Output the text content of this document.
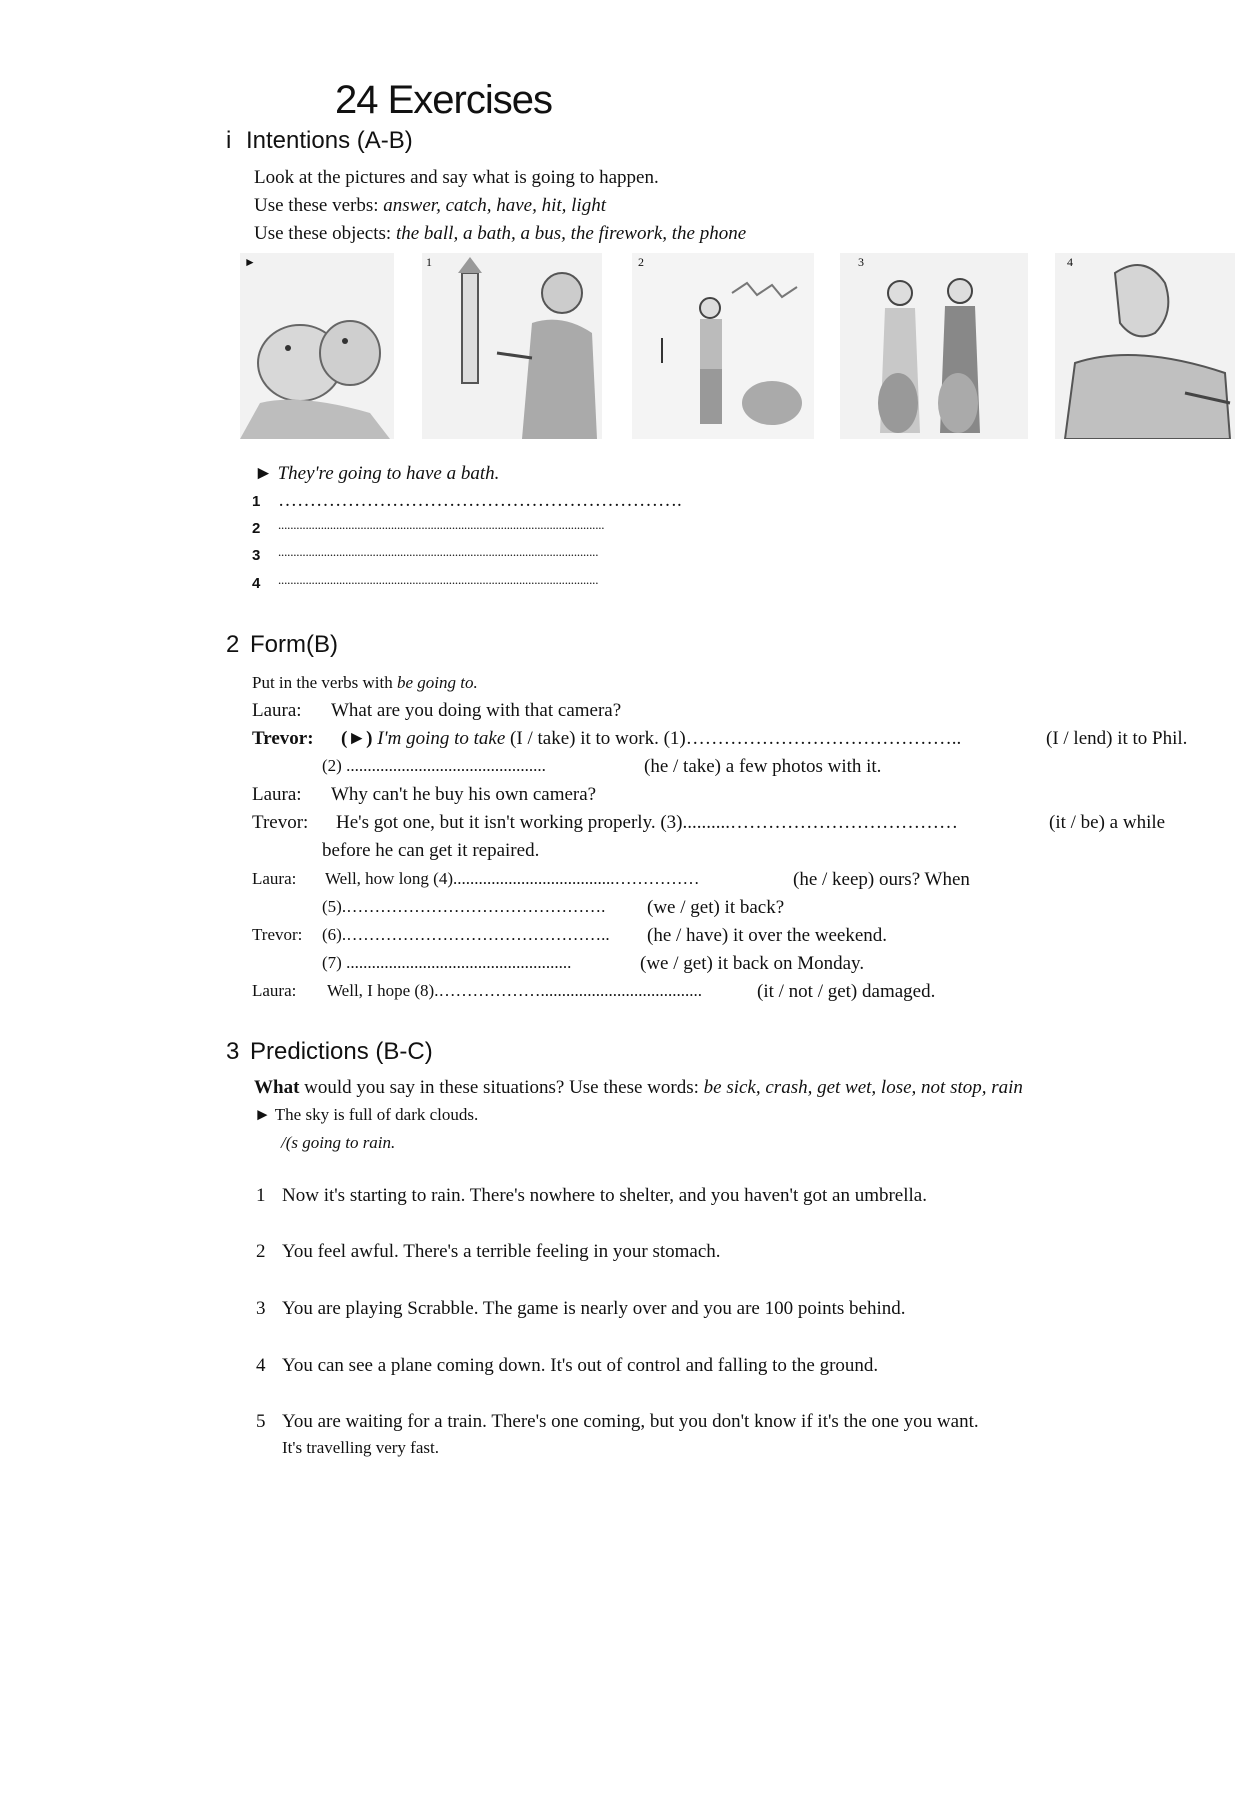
24 Exercises
i Intentions (A-B)
Look at the pictures and say what is going to happen.
Use these verbs: answer, catch, have, hit, light
Use these objects: the ball, a bath, a bus, the firework, the phone
►	1	2	3	4
► They're going to have a bath.
1 ……………………………………………………….
2 ...........................................................................................................
3 .........................................................................................................
4 .........................................................................................................
2 Form(B)
Put in the verbs with be going to.
Laura: What are you doing with that camera?
Trevor: (►) I'm going to take (I / take) it to work. (1)……………………………………..	(I / lend) it to Phil.
(2) ...............................................	(he / take) a few photos with it.
Laura: Why can't he buy his own camera?
Trevor: He's got one, but it isn't working properly. (3)..........………………………………	(it / be) a while
before he can get it repaired.
Laura: Well, how long (4)......................................……………	(he / keep) ours? When
(5).………………………………………. (we / get) it back?
Trevor: (6).……………………………………….. (he / have) it over the weekend.
(7) .....................................................	(we / get) it back on Monday.
Laura: Well, I hope (8).………………......................................	(it / not / get) damaged.
3 Predictions (B-C)
What would you say in these situations? Use these words: be sick, crash, get wet, lose, not stop, rain
► The sky is full of dark clouds.
/(s going to rain.
1 Now it's starting to rain. There's nowhere to shelter, and you haven't got an umbrella.
2 You feel awful. There's a terrible feeling in your stomach.
3 You are playing Scrabble. The game is nearly over and you are 100 points behind.
4 You can see a plane coming down. It's out of control and falling to the ground.
5 You are waiting for a train. There's one coming, but you don't know if it's the one you want.
It's travelling very fast.
